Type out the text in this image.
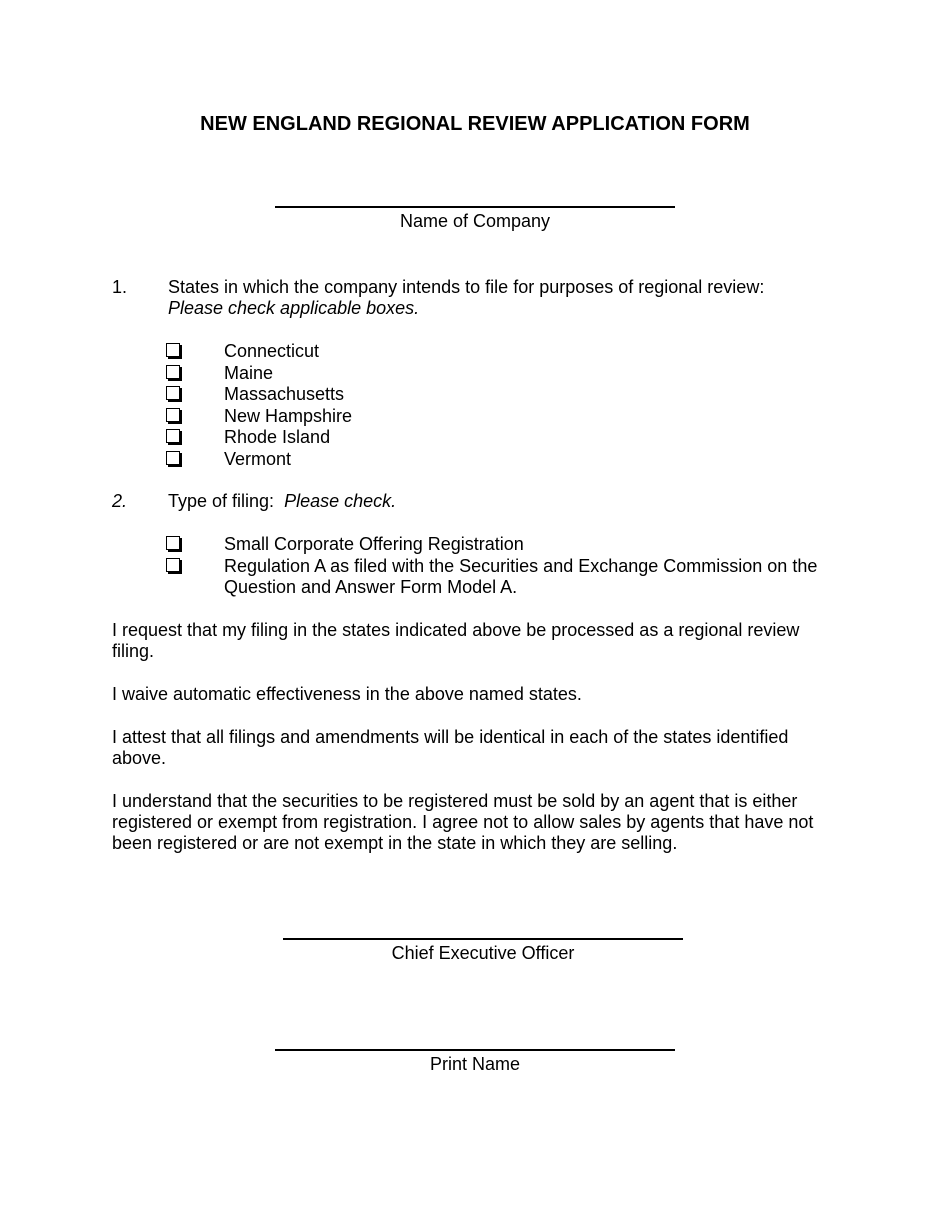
NEW ENGLAND REGIONAL REVIEW APPLICATION FORM
Name of Company
1.	States in which the company intends to file for purposes of regional review:
Please check applicable boxes.
Connecticut
Maine
Massachusetts
New Hampshire
Rhode Island
Vermont
2.	Type of filing: Please check.
Small Corporate Offering Registration
Regulation A as filed with the Securities and Exchange Commission on the Question and Answer Form Model A.

I request that my filing in the states indicated above be processed as a regional review filing.

I waive automatic effectiveness in the above named states.

I attest that all filings and amendments will be identical in each of the states identified above.

I understand that the securities to be registered must be sold by an agent that is either registered or exempt from registration. I agree not to allow sales by agents that have not been registered or are not exempt in the state in which they are selling.

Chief Executive Officer
Print Name
